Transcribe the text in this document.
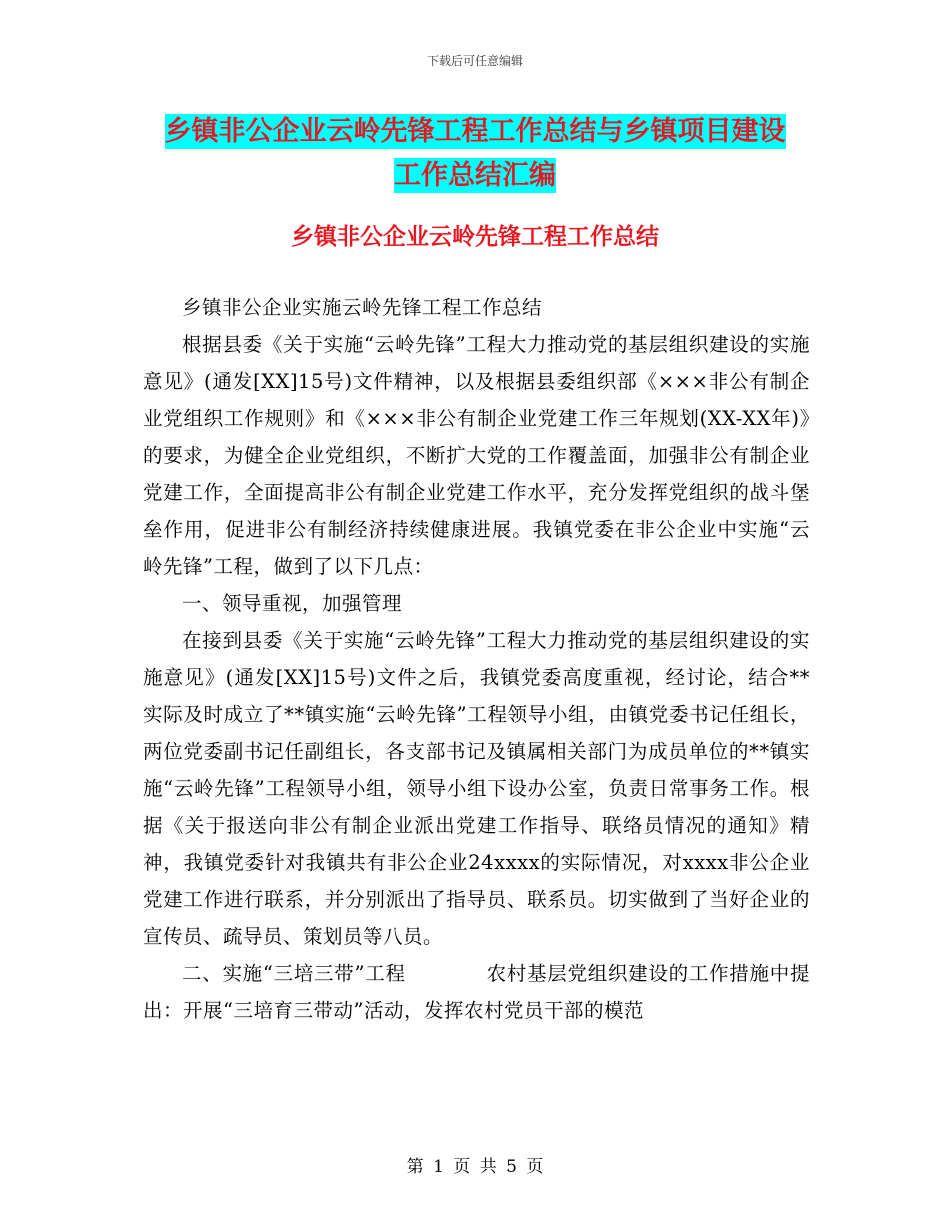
下载后可任意编辑
乡镇非公企业云岭先锋工程工作总结与乡镇项目建设
工作总结汇编
乡镇非公企业云岭先锋工程工作总结

乡镇非公企业实施云岭先锋工程工作总结

根据县委《关于实施“云岭先锋”工程大力推动党的基层组织建设的实施意见》(通发[XX]15号)文件精神，以及根据县委组织部《×××非公有制企业党组织工作规则》和《×××非公有制企业党建工作三年规划(XX-XX年)》的要求，为健全企业党组织，不断扩大党的工作覆盖面，加强非公有制企业党建工作，全面提高非公有制企业党建工作水平，充分发挥党组织的战斗堡垒作用，促进非公有制经济持续健康进展。我镇党委在非公企业中实施“云岭先锋”工程，做到了以下几点：

一、领导重视，加强管理

在接到县委《关于实施“云岭先锋”工程大力推动党的基层组织建设的实施意见》(通发[XX]15号)文件之后，我镇党委高度重视，经讨论，结合**实际及时成立了**镇实施“云岭先锋”工程领导小组，由镇党委书记任组长，两位党委副书记任副组长，各支部书记及镇属相关部门为成员单位的**镇实施“云岭先锋”工程领导小组，领导小组下设办公室，负责日常事务工作。根据《关于报送向非公有制企业派出党建工作指导、联络员情况的通知》精神，我镇党委针对我镇共有非公企业24xxxx的实际情况，对xxxx非公企业党建工作进行联系，并分别派出了指导员、联系员。切实做到了当好企业的宣传员、疏导员、策划员等八员。

二、实施“三培三带”工程　　　　农村基层党组织建设的工作措施中提出：开展“三培育三带动”活动，发挥农村党员干部的模范

第 1 页 共 5 页
